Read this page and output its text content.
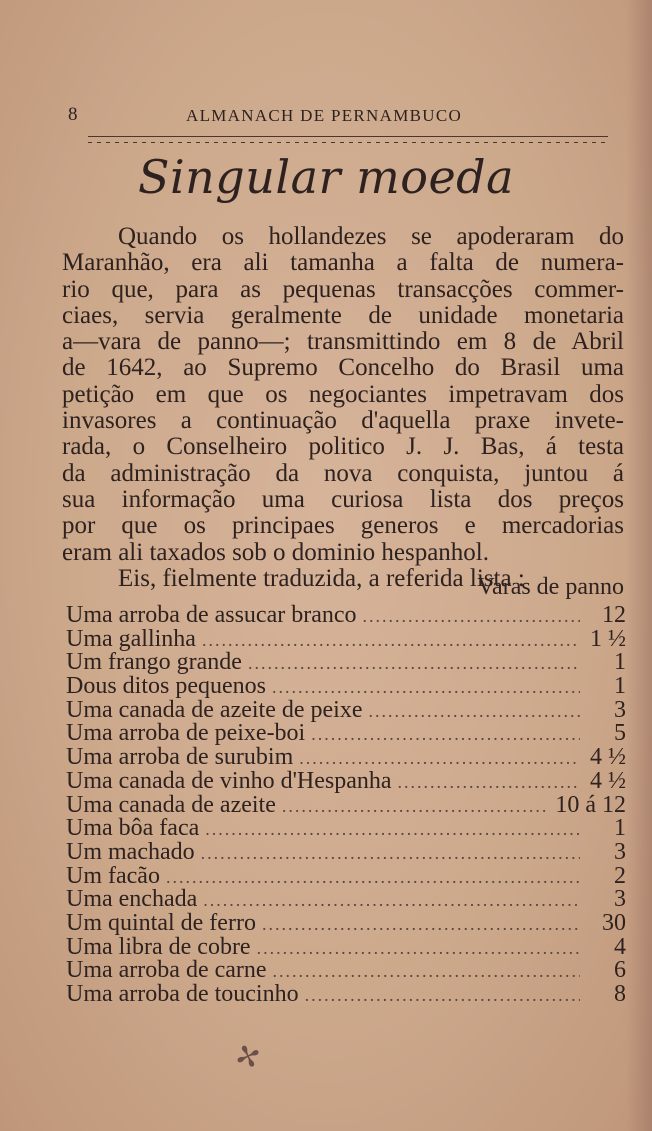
8	ALMANACH DE PERNAMBUCO
Singular moeda
Quando os hollandezes se apoderaram do
Maranhão, era ali tamanha a falta de numera-
rio que, para as pequenas transacções commer-
ciaes, servia geralmente de unidade monetaria
a—vara de panno—; transmittindo em 8 de Abril
de 1642, ao Supremo Concelho do Brasil uma
petição em que os negociantes impetravam dos
invasores a continuação d'aquella praxe invete-
rada, o Conselheiro politico J. J. Bas, á testa
da administração da nova conquista, juntou á
sua informação uma curiosa lista dos preços
por que os principaes generos e mercadorias
eram ali taxados sob o dominio hespanhol.
Eis, fielmente traduzida, a referida lista :
Varas de panno
Uma arroba de assucar branco .....	12
Uma gallinha .....	1 ½
Um frango grande .....	1
Dous ditos pequenos .....	1
Uma canada de azeite de peixe .....	3
Uma arroba de peixe-boi .....	5
Uma arroba de surubim .....	4 ½
Uma canada de vinho d'Hespanha .....	4 ½
Uma canada de azeite .....	10 á 12
Uma bôa faca .....	1
Um machado .....	3
Um facão .....	2
Uma enchada .....	3
Um quintal de ferro .....	30
Uma libra de cobre .....	4
Uma arroba de carne .....	6
Uma arroba de toucinho .....	8
✢
